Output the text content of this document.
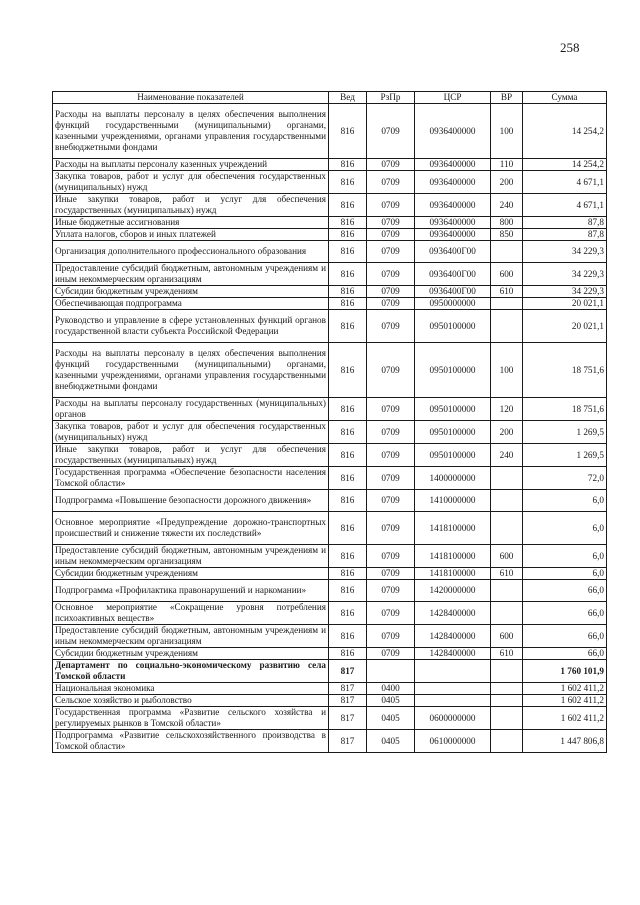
258
Наименование показателей	Вед	РзПр	ЦСР	ВР	Сумма
Расходы на выплаты персоналу в целях обеспечения выполнения функций государственными (муниципальными) органами, казенными учреждениями, органами управления государственными внебюджетными фондами	816	0709	0936400000	100	14 254,2
Расходы на выплаты персоналу казенных учреждений	816	0709	0936400000	110	14 254,2
Закупка товаров, работ и услуг для обеспечения государственных (муниципальных) нужд	816	0709	0936400000	200	4 671,1
Иные закупки товаров, работ и услуг для обеспечения государственных (муниципальных) нужд	816	0709	0936400000	240	4 671,1
Иные бюджетные ассигнования	816	0709	0936400000	800	87,8
Уплата налогов, сборов и иных платежей	816	0709	0936400000	850	87,8
Организация дополнительного профессионального образования	816	0709	0936400Г00		34 229,3
Предоставление субсидий бюджетным, автономным учреждениям и иным некоммерческим организациям	816	0709	0936400Г00	600	34 229,3
Субсидии бюджетным учреждениям	816	0709	0936400Г00	610	34 229,3
Обеспечивающая подпрограмма	816	0709	0950000000		20 021,1
Руководство и управление в сфере установленных функций органов государственной власти субъекта Российской Федерации	816	0709	0950100000		20 021,1
Расходы на выплаты персоналу в целях обеспечения выполнения функций государственными (муниципальными) органами, казенными учреждениями, органами управления государственными внебюджетными фондами	816	0709	0950100000	100	18 751,6
Расходы на выплаты персоналу государственных (муниципальных) органов	816	0709	0950100000	120	18 751,6
Закупка товаров, работ и услуг для обеспечения государственных (муниципальных) нужд	816	0709	0950100000	200	1 269,5
Иные закупки товаров, работ и услуг для обеспечения государственных (муниципальных) нужд	816	0709	0950100000	240	1 269,5
Государственная программа «Обеспечение безопасности населения Томской области»	816	0709	1400000000		72,0
Подпрограмма «Повышение безопасности дорожного движения»	816	0709	1410000000		6,0
Основное мероприятие «Предупреждение дорожно-транспортных происшествий и снижение тяжести их последствий»	816	0709	1418100000		6,0
Предоставление субсидий бюджетным, автономным учреждениям и иным некоммерческим организациям	816	0709	1418100000	600	6,0
Субсидии бюджетным учреждениям	816	0709	1418100000	610	6,0
Подпрограмма «Профилактика правонарушений и наркомании»	816	0709	1420000000		66,0
Основное мероприятие «Сокращение уровня потребления психоактивных веществ»	816	0709	1428400000		66,0
Предоставление субсидий бюджетным, автономным учреждениям и иным некоммерческим организациям	816	0709	1428400000	600	66,0
Субсидии бюджетным учреждениям	816	0709	1428400000	610	66,0
Департамент по социально-экономическому развитию села Томской области	817				1 760 101,9
Национальная экономика	817	0400			1 602 411,2
Сельское хозяйство и рыболовство	817	0405			1 602 411,2
Государственная программа «Развитие сельского хозяйства и регулируемых рынков в Томской области»	817	0405	0600000000		1 602 411,2
Подпрограмма «Развитие сельскохозяйственного производства в Томской области»	817	0405	0610000000		1 447 806,8
